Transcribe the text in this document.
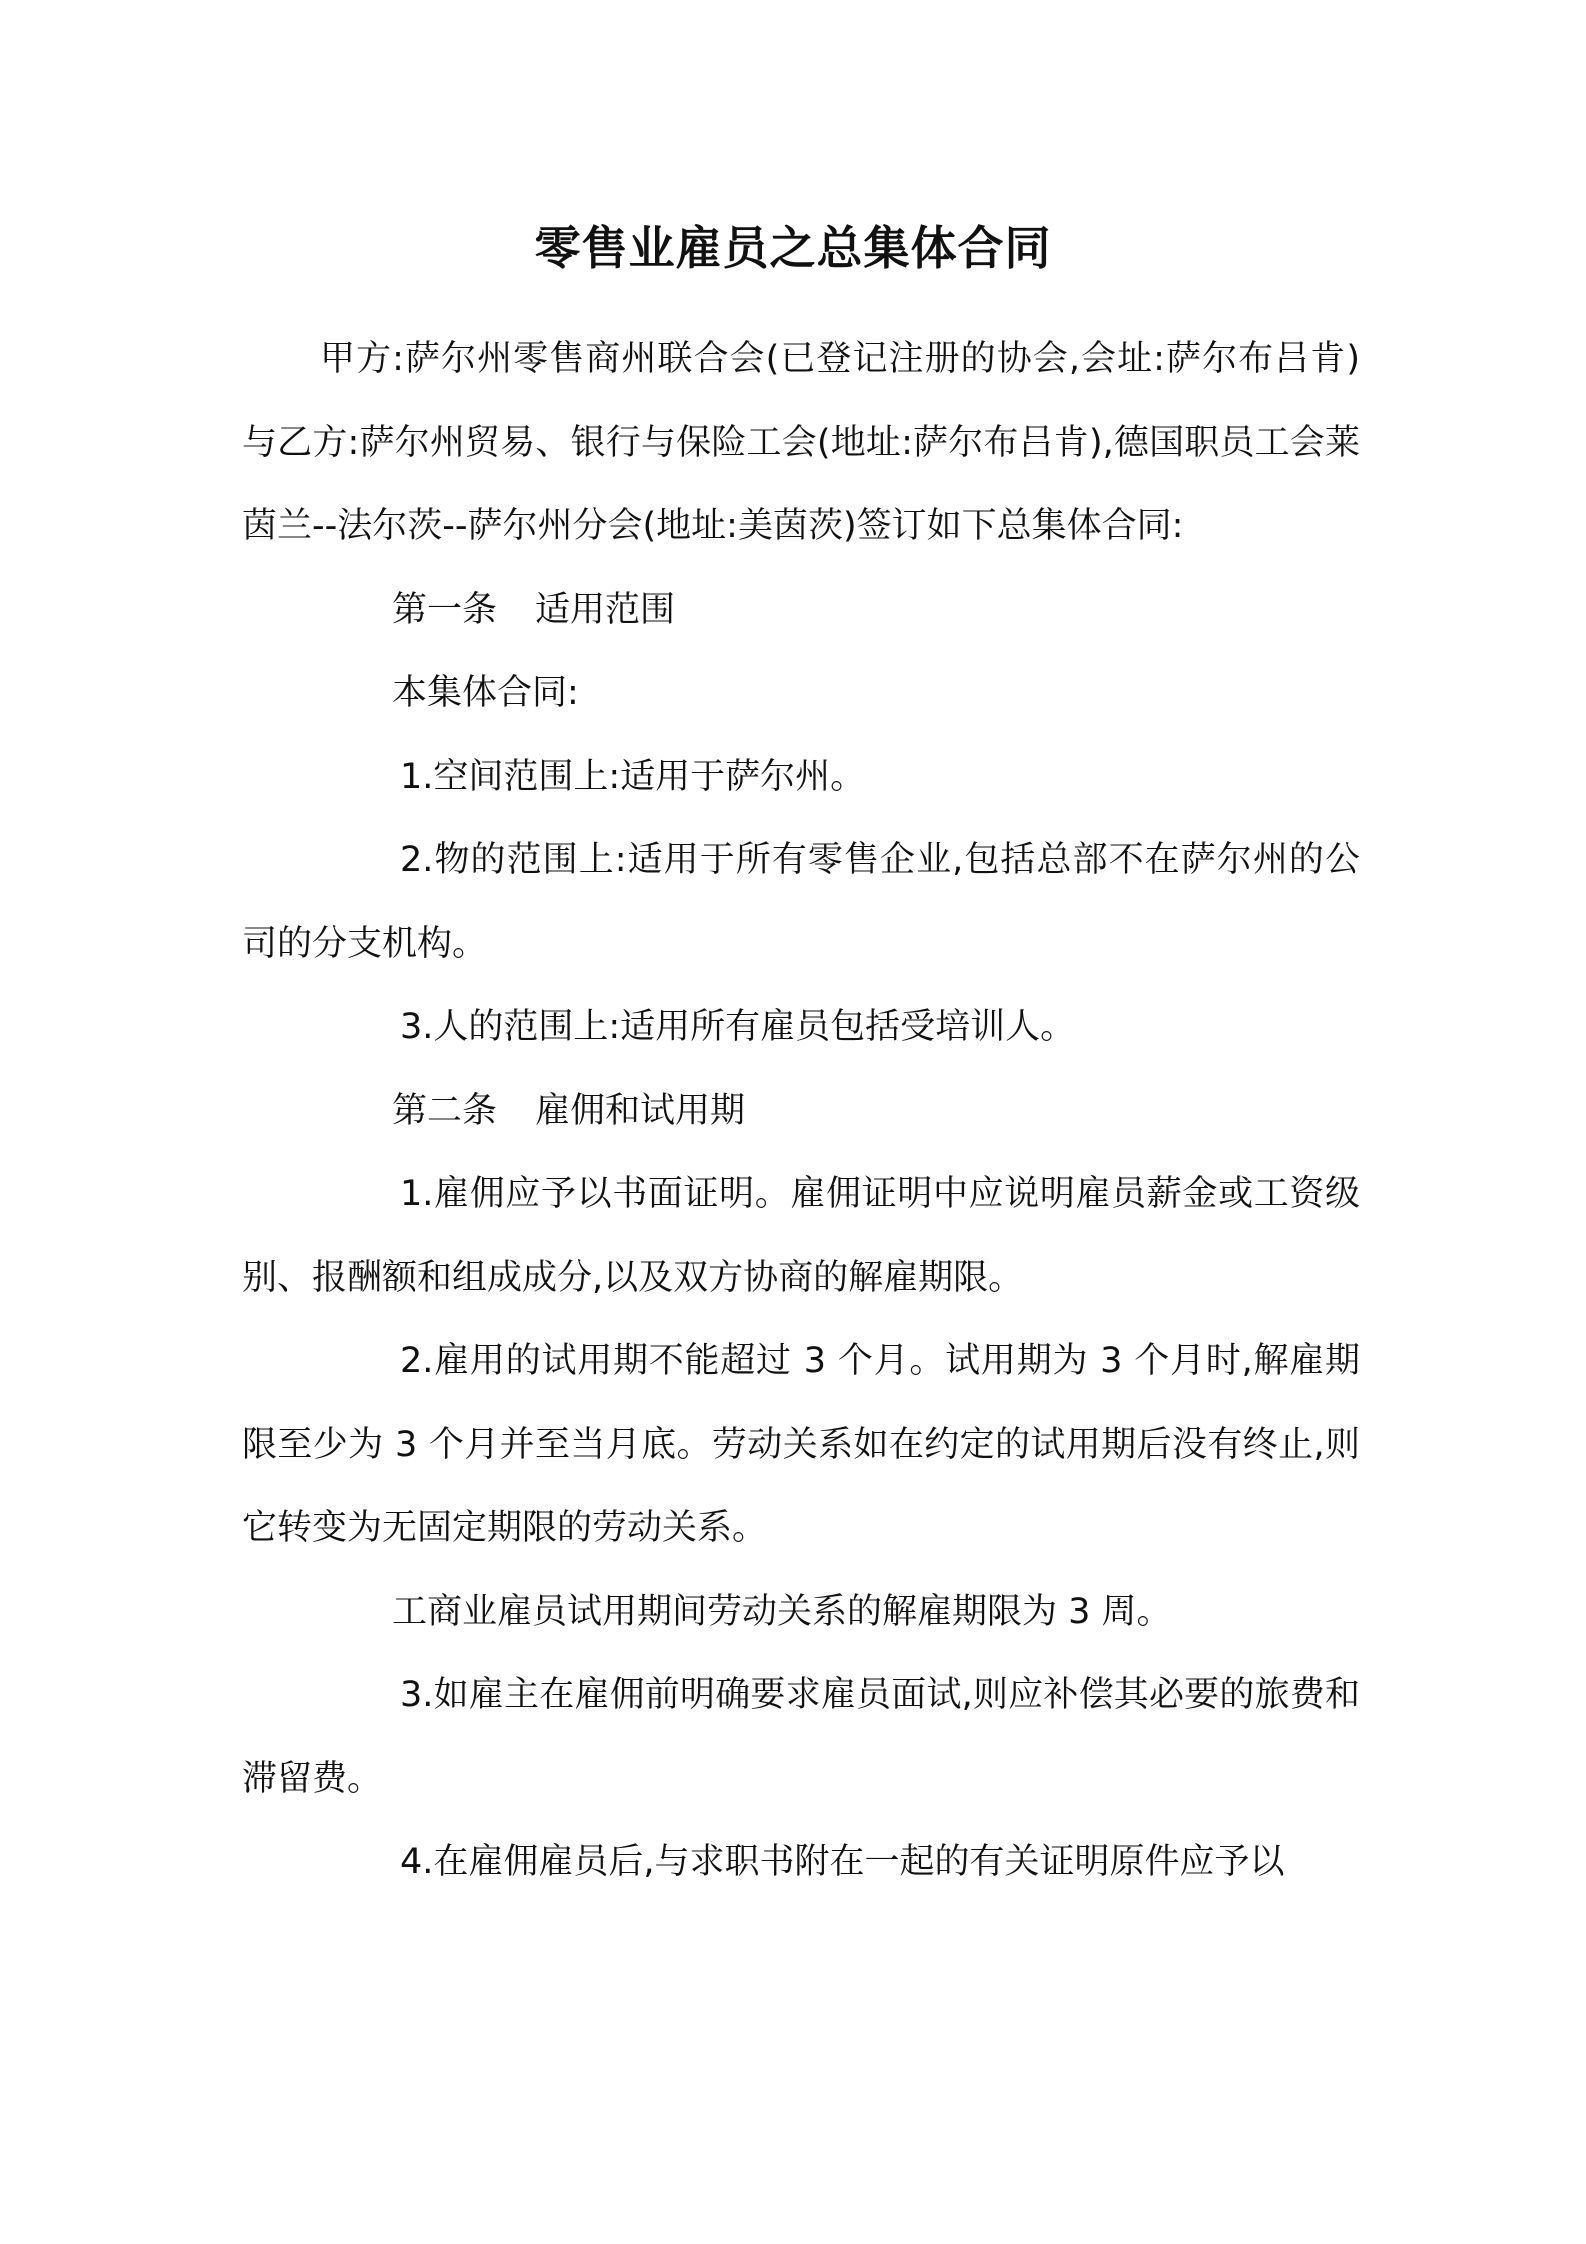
零售业雇员之总集体合同

甲方:萨尔州零售商州联合会(已登记注册的协会,会址:萨尔布吕肯)与乙方:萨尔州贸易、银行与保险工会(地址:萨尔布吕肯),德国职员工会莱茵兰--法尔茨--萨尔州分会(地址:美茵茨)签订如下总集体合同:

第一条 适用范围

本集体合同:

1.空间范围上:适用于萨尔州。

2.物的范围上:适用于所有零售企业,包括总部不在萨尔州的公司的分支机构。

3.人的范围上:适用所有雇员包括受培训人。

第二条 雇佣和试用期

1.雇佣应予以书面证明。雇佣证明中应说明雇员薪金或工资级别、报酬额和组成成分,以及双方协商的解雇期限。

2.雇用的试用期不能超过 3 个月。试用期为 3 个月时,解雇期限至少为 3 个月并至当月底。劳动关系如在约定的试用期后没有终止,则它转变为无固定期限的劳动关系。

工商业雇员试用期间劳动关系的解雇期限为 3 周。

3.如雇主在雇佣前明确要求雇员面试,则应补偿其必要的旅费和滞留费。

4.在雇佣雇员后,与求职书附在一起的有关证明原件应予以
